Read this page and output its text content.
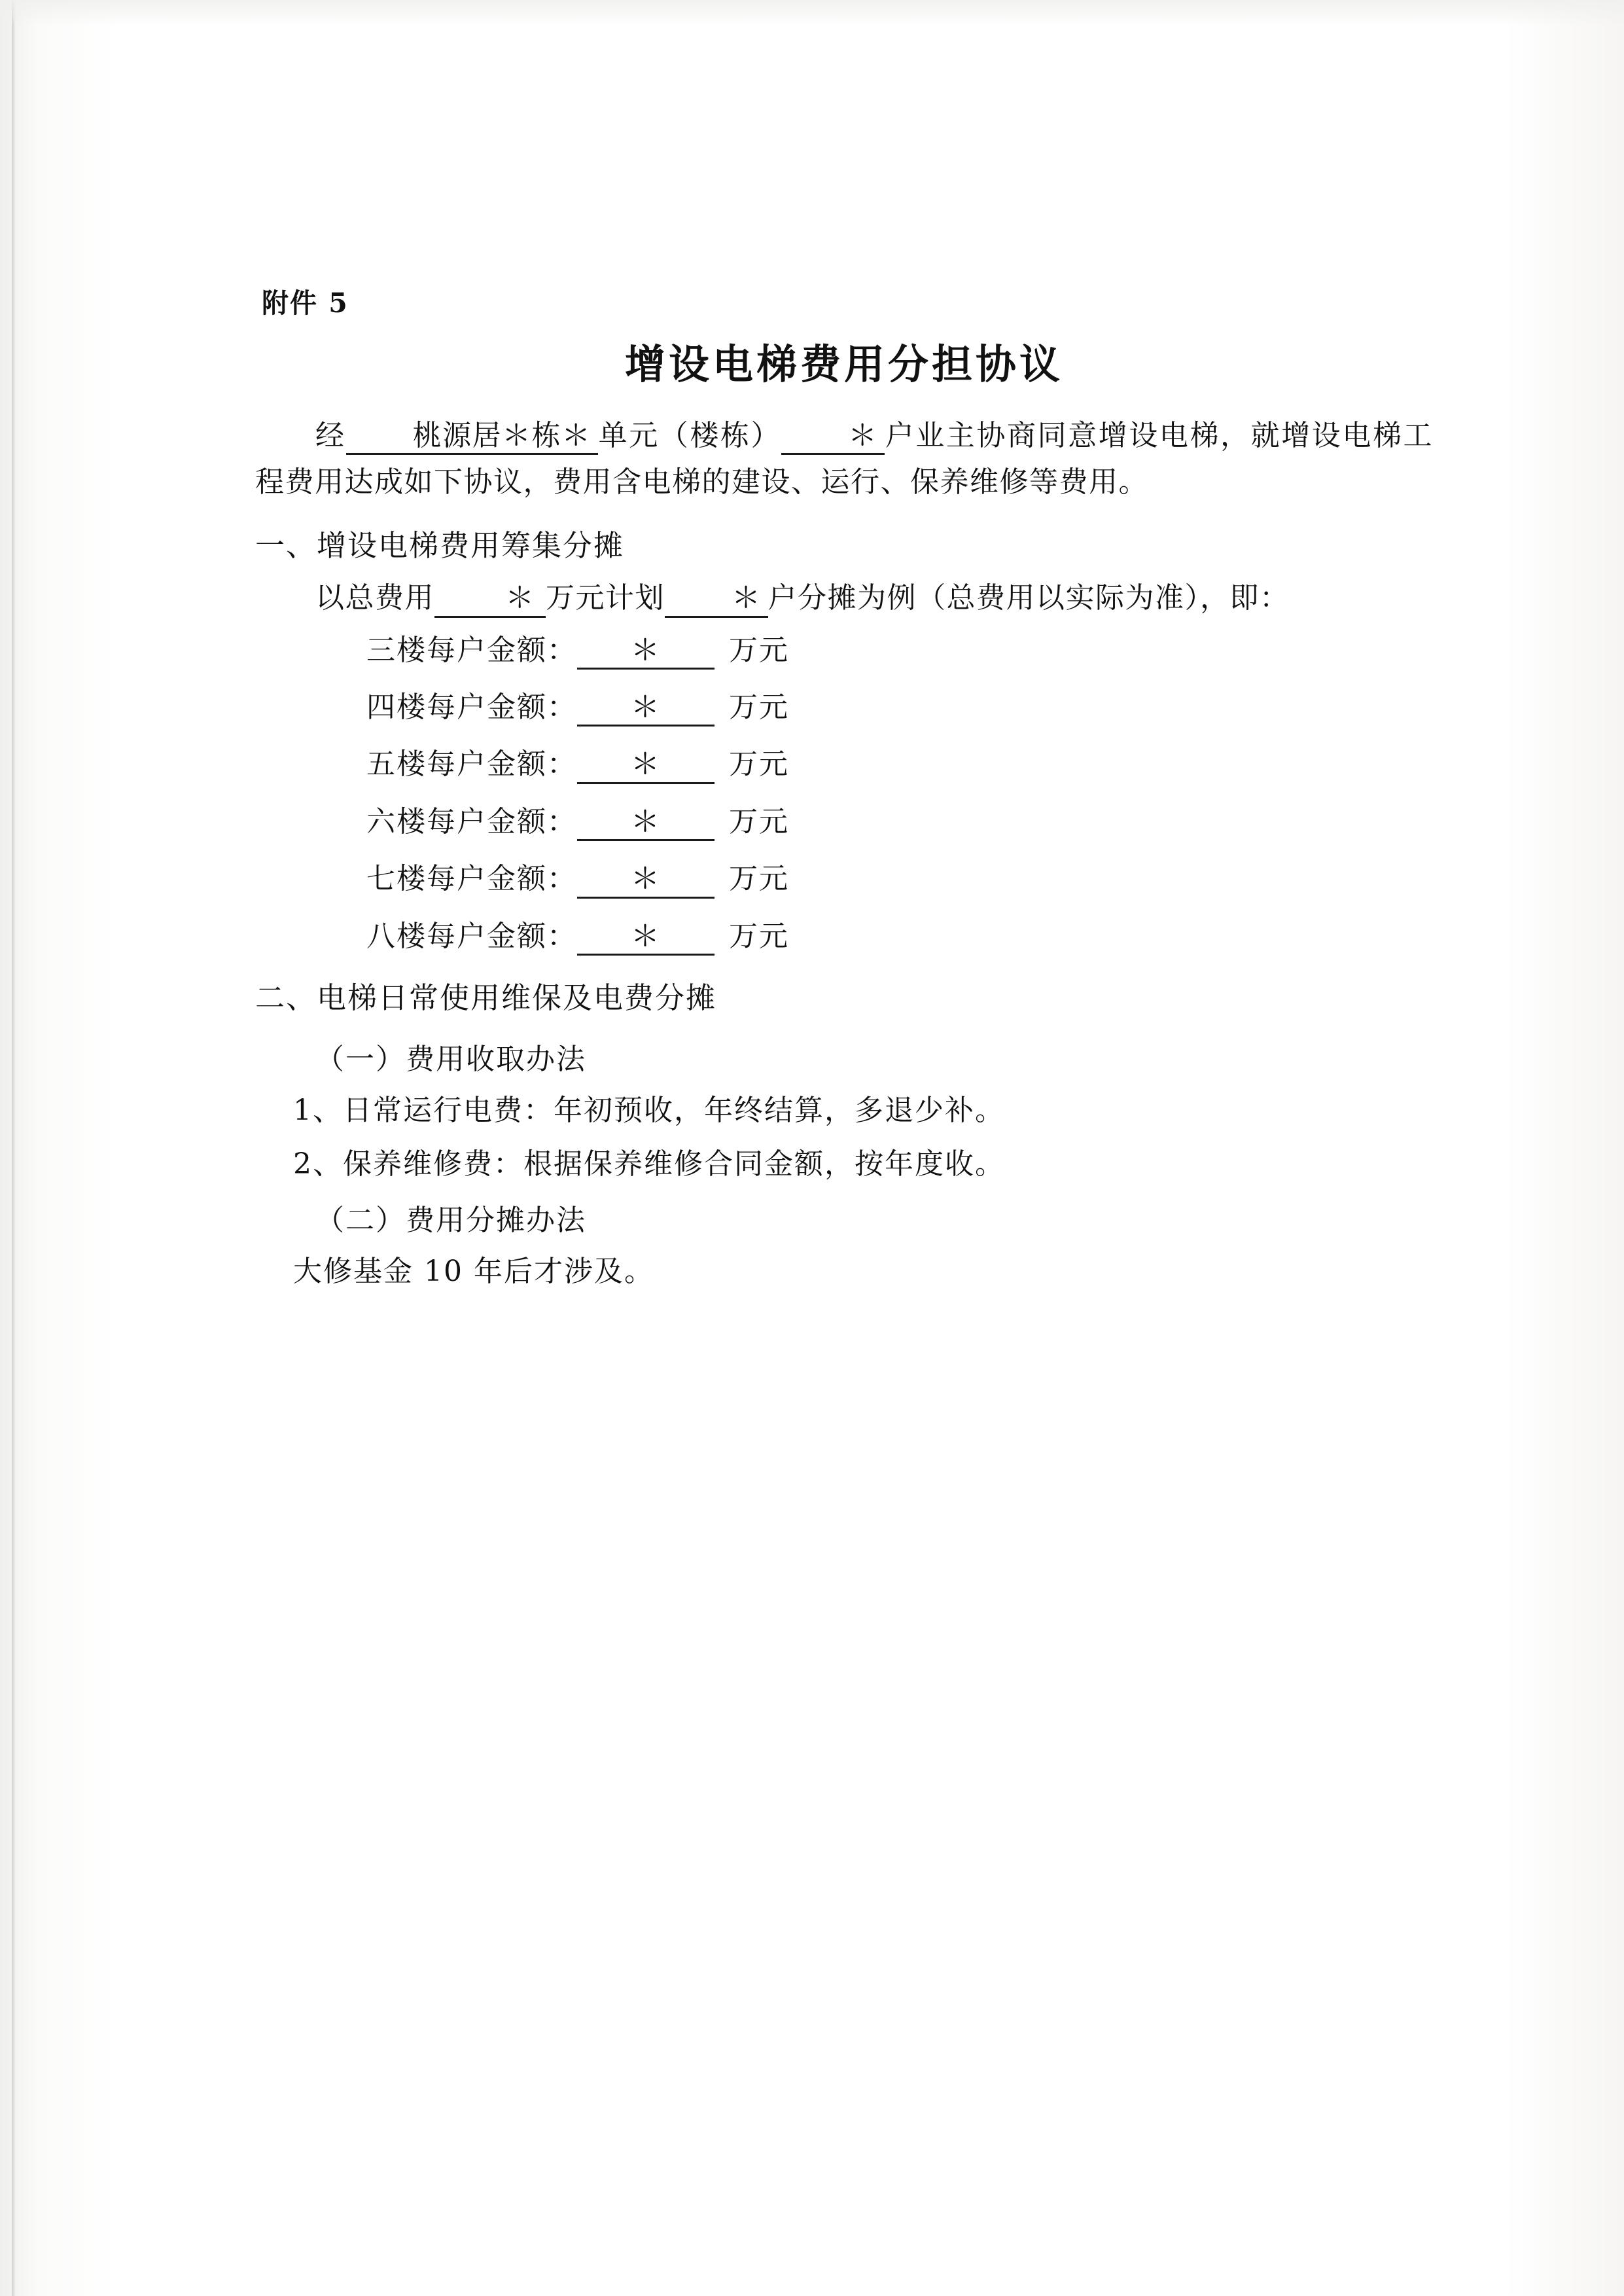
附件 5
增设电梯费用分担协议

经 桃源居＊栋＊ 单元（楼栋） ＊ 户业主协商同意增设电梯，就增设电梯工程费用达成如下协议，费用含电梯的建设、运行、保养维修等费用。

一、增设电梯费用筹集分摊

以总费用 ＊ 万元计划 ＊ 户分摊为例（总费用以实际为准），即：

三楼每户金额： ＊ 万元
四楼每户金额： ＊ 万元
五楼每户金额： ＊ 万元
六楼每户金额： ＊ 万元
七楼每户金额： ＊ 万元
八楼每户金额： ＊ 万元

二、电梯日常使用维保及电费分摊

（一）费用收取办法

1、日常运行电费：年初预收，年终结算，多退少补。

2、保养维修费：根据保养维修合同金额，按年度收。

（二）费用分摊办法

大修基金 10 年后才涉及。
